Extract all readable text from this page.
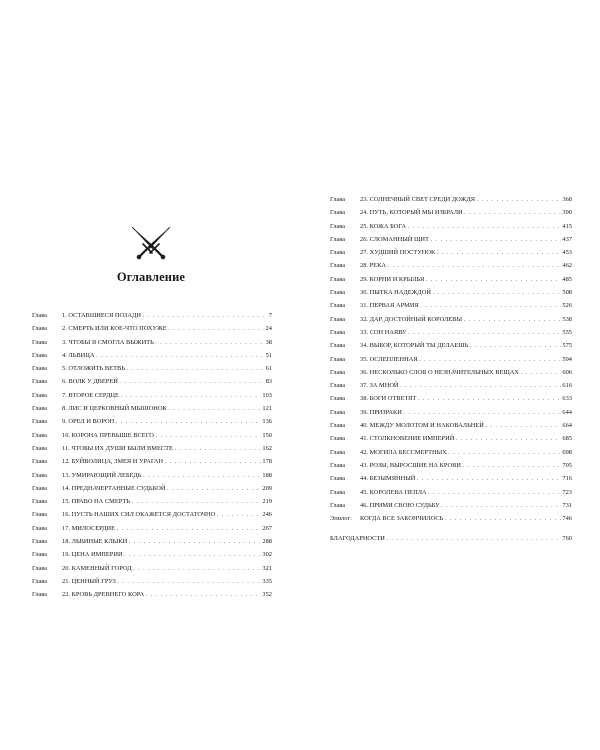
Оглавление
Глава	1. ОСТАВШИЕСЯ ПОЗАДИ . . .	7
Глава	2. СМЕРТЬ ИЛИ КОЕ-ЧТО ПОХУЖЕ . . .	24
Глава	3. ЧТОБЫ Я СМОГЛА ВЫЖИТЬ . . .	38
Глава	4. ЛЬВИЦА . . .	51
Глава	5. ОТЛОЖИТЬ ВЕТВЬ . . .	61
Глава	6. ВОЛК У ДВЕРЕЙ . . .	83
Глава	7. ВТОРОЕ СЕРДЦЕ . . .	103
Глава	8. ЛИС И ЦЕРКОВНЫЙ МЫШОНОК . . .	121
Глава	9. ОРЕЛ И ВОРОН . . .	136
Глава	10. КОРОНА ПРЕВЫШЕ ВСЕГО . . .	150
Глава	11. ЧТОБЫ ИХ ДУШИ БЫЛИ ВМЕСТЕ . . .	162
Глава	12. БУЙВОЛИЦА, ЗМЕЯ И УРАГАН . . .	178
Глава	13. УМИРАЮЩИЙ ЛЕБЕДЬ . . .	188
Глава	14. ПРЕДНАЧЕРТАННЫЕ СУДЬБОЙ . . .	209
Глава	15. ПРАВО НА СМЕРТЬ . . .	219
Глава	16. ПУСТЬ НАШИХ СИЛ ОКАЖЕТСЯ ДОСТАТОЧНО . . .	246
Глава	17. МИЛОСЕРДИЕ . . .	267
Глава	18. ЛЬВИНЫЕ КЛЫКИ . . .	288
Глава	19. ЦЕНА ИМПЕРИИ . . .	302
Глава	20. КАМЕННЫЙ ГОРОД . . .	321
Глава	21. ЦЕННЫЙ ГРУЗ . . .	335
Глава	22. КРОВЬ ДРЕВНЕГО КОРА . . .	352
Глава	23. СОЛНЕЧНЫЙ СВЕТ СРЕДИ ДОЖДЯ . . .	368
Глава	24. ПУТЬ, КОТОРЫЙ МЫ ИЗБРАЛИ . . .	390
Глава	25. КОЖА БОГА . . .	415
Глава	26. СЛОМАННЫЙ ЩИТ . . .	437
Глава	27. ХУДШИЙ ПОСТУПОК . . .	453
Глава	28. РЕКА . . .	462
Глава	29. КОРНИ И КРЫЛЬЯ . . .	485
Глава	30. ПЫТКА НАДЕЖДОЙ . . .	508
Глава	31. ПЕРВАЯ АРМИЯ . . .	526
Глава	32. ДАР, ДОСТОЙНЫЙ КОРОЛЕВЫ . . .	538
Глава	33. СОН НАЯВУ . . .	555
Глава	34. ВЫБОР, КОТОРЫЙ ТЫ ДЕЛАЕШЬ . . .	575
Глава	35. ОСЛЕПЛЕННАЯ . . .	594
Глава	36. НЕСКОЛЬКО СЛОВ О НЕЗНАЧИТЕЛЬНЫХ ВЕЩАХ . . .	606
Глава	37. ЗА МНОЙ . . .	616
Глава	38. БОГИ ОТВЕТЯТ . . .	633
Глава	39. ПРИЗРАКИ . . .	644
Глава	40. МЕЖДУ МОЛОТОМ И НАКОВАЛЬНЕЙ . . .	664
Глава	41. СТОЛКНОВЕНИЕ ИМПЕРИЙ . . .	685
Глава	42. МОГИЛА БЕССМЕРТНЫХ . . .	698
Глава	43. РОЗЫ, ВЫРОСШИЕ НА КРОВИ . . .	705
Глава	44. БЕЗЫМЯННЫЙ . . .	716
Глава	45. КОРОЛЕВА ПЕПЛА . . .	723
Глава	46. ПРИМИ СВОЮ СУДЬБУ . . .	731
Эпилог:	КОГДА ВСЕ ЗАКОНЧИЛОСЬ . . .	746
БЛАГОДАРНОСТИ . . .	760
